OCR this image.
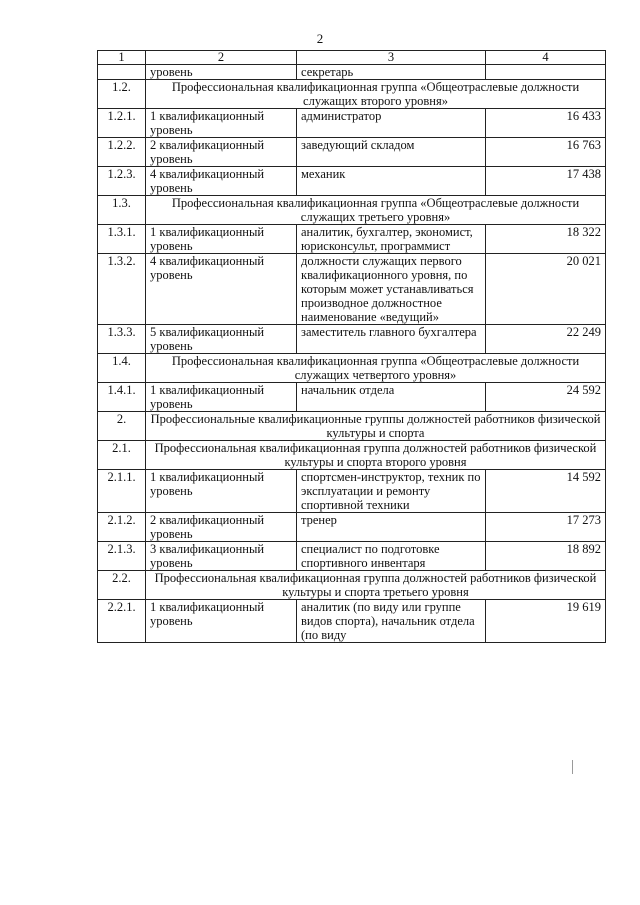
2
1	2	3	4
	уровень	секретарь	
1.2.	Профессиональная квалификационная группа «Общеотраслевые должности служащих второго уровня»		
1.2.1.	1 квалификационный уровень	администратор	16 433
1.2.2.	2 квалификационный уровень	заведующий складом	16 763
1.2.3.	4 квалификационный уровень	механик	17 438
1.3.	Профессиональная квалификационная группа «Общеотраслевые должности служащих третьего уровня»		
1.3.1.	1 квалификационный уровень	аналитик, бухгалтер, экономист, юрисконсульт, программист	18 322
1.3.2.	4 квалификационный уровень	должности служащих первого квалификационного уровня, по которым может устанавливаться производное должностное наименование «ведущий»	20 021
1.3.3.	5 квалификационный уровень	заместитель главного бухгалтера	22 249
1.4.	Профессиональная квалификационная группа «Общеотраслевые должности служащих четвертого уровня»		
1.4.1.	1 квалификационный уровень	начальник отдела	24 592
2.	Профессиональные квалификационные группы должностей работников физической культуры и спорта		
2.1.	Профессиональная квалификационная группа должностей работников физической культуры и спорта второго уровня		
2.1.1.	1 квалификационный уровень	спортсмен-инструктор, техник по эксплуатации и ремонту спортивной техники	14 592
2.1.2.	2 квалификационный уровень	тренер	17 273
2.1.3.	3 квалификационный уровень	специалист по подготовке спортивного инвентаря	18 892
2.2.	Профессиональная квалификационная группа должностей работников физической культуры и спорта третьего уровня		
2.2.1.	1 квалификационный уровень	аналитик (по виду или группе видов спорта), начальник отдела (по виду	19 619
